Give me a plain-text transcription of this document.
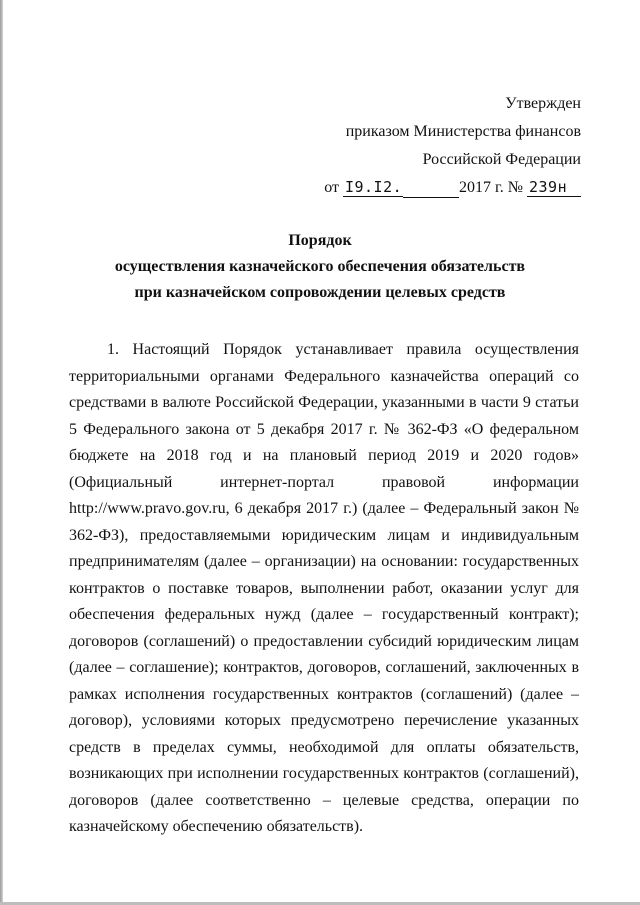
Утвержден
приказом Министерства финансов
Российской Федерации
от I9.I2.	2017 г. № 239н
Порядок
осуществления казначейского обеспечения обязательств
при казначейском сопровождении целевых средств

1. Настоящий Порядок устанавливает правила осуществления территориальными органами Федерального казначейства операций со средствами в валюте Российской Федерации, указанными в части 9 статьи 5 Федерального закона от 5 декабря 2017 г. № 362-ФЗ «О федеральном бюджете на 2018 год и на плановый период 2019 и 2020 годов» (Официальный интернет-портал правовой информации http://www.pravo.gov.ru, 6 декабря 2017 г.) (далее – Федеральный закон № 362-ФЗ), предоставляемыми юридическим лицам и индивидуальным предпринимателям (далее – организации) на основании: государственных контрактов о поставке товаров, выполнении работ, оказании услуг для обеспечения федеральных нужд (далее – государственный контракт); договоров (соглашений) о предоставлении субсидий юридическим лицам (далее – соглашение); контрактов, договоров, соглашений, заключенных в рамках исполнения государственных контрактов (соглашений) (далее – договор), условиями которых предусмотрено перечисление указанных средств в пределах суммы, необходимой для оплаты обязательств, возникающих при исполнении государственных контрактов (соглашений), договоров (далее соответственно – целевые средства, операции по казначейскому обеспечению обязательств).
